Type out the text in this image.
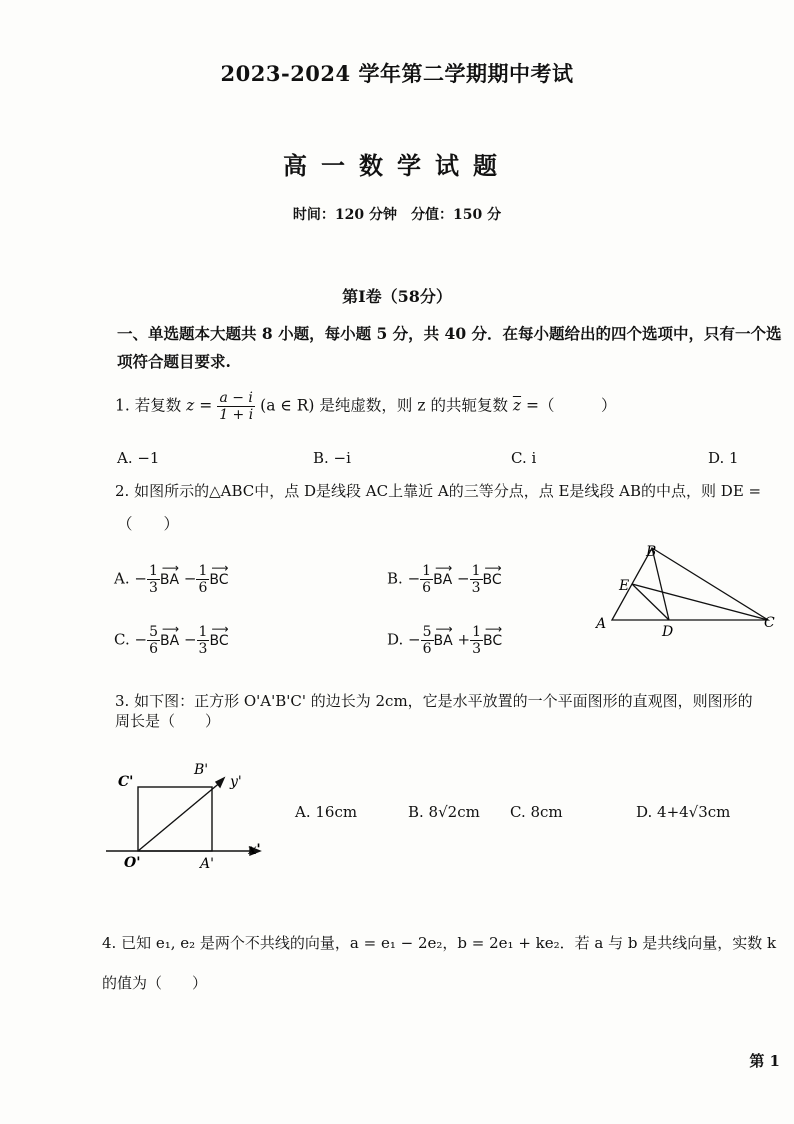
2023-2024 学年第二学期期中考试
高一数学试题
时间：120 分钟　分值：150 分
第Ⅰ卷（58分）
一、单选题本大题共 8 小题，每小题 5 分，共 40 分．在每小题给出的四个选项中，只有一个选
项符合题目要求.
1. 若复数 $z = \frac{a - i}{1 + i} (a$ ∈ R) 是纯虚数，则 z 的共轭复数 $\overline{z}$ =（　　　）
A. −1	B. −i	C. i	D. 1
2. 如图所示的△ABC中，点 D是线段 AC上靠近 A的三等分点，点 E是线段 AB的中点，则 DE =
（　　）
A. − $\frac{1}{3}$ ⟶ BA − $\frac{1}{6}$ ⟶ BC	B. − $\frac{1}{6}$ ⟶ BA − $\frac{1}{3}$ ⟶ BC
C. − $\frac{5}{6}$ ⟶ BA − $\frac{1}{3}$ ⟶ BC	D. − $\frac{5}{6}$ ⟶ BA + $\frac{1}{3}$ ⟶ BC
A
B
C
D
E
3. 如下图：正方形 O'A'B'C' 的边长为 2cm，它是水平放置的一个平面图形的直观图，则图形的
周长是（　　）
C'
B'
y'
O'	A'
x'
A. 16cm	B. 8√2cm C. 8cm	D. 4+4√3cm
4. 已知 e₁, e₂ 是两个不共线的向量，a = e₁ − 2e₂，b = 2e₁ + ke₂．若 a 与 b 是共线向量，实数 k
的值为（　　）
第 1
